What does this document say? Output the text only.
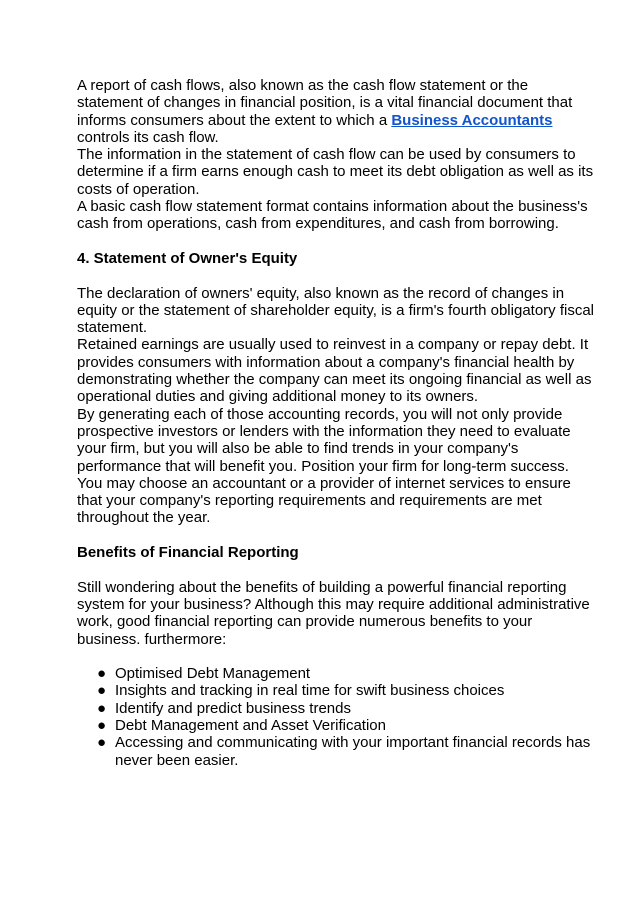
A report of cash flows, also known as the cash flow statement or the statement of changes in financial position, is a vital financial document that informs consumers about the extent to which a Business Accountants controls its cash flow.

The information in the statement of cash flow can be used by consumers to determine if a firm earns enough cash to meet its debt obligation as well as its costs of operation.

A basic cash flow statement format contains information about the business's cash from operations, cash from expenditures, and cash from borrowing.

4. Statement of Owner's Equity

The declaration of owners' equity, also known as the record of changes in equity or the statement of shareholder equity, is a firm's fourth obligatory fiscal statement.

Retained earnings are usually used to reinvest in a company or repay debt. It provides consumers with information about a company's financial health by demonstrating whether the company can meet its ongoing financial as well as operational duties and giving additional money to its owners.

By generating each of those accounting records, you will not only provide prospective investors or lenders with the information they need to evaluate your firm, but you will also be able to find trends in your company's performance that will benefit you. Position your firm for long-term success.

You may choose an accountant or a provider of internet services to ensure that your company's reporting requirements and requirements are met throughout the year.

Benefits of Financial Reporting

Still wondering about the benefits of building a powerful financial reporting system for your business? Although this may require additional administrative work, good financial reporting can provide numerous benefits to your business. furthermore:

● Optimised Debt Management
● Insights and tracking in real time for swift business choices
● Identify and predict business trends
● Debt Management and Asset Verification
● Accessing and communicating with your important financial records has never been easier.
